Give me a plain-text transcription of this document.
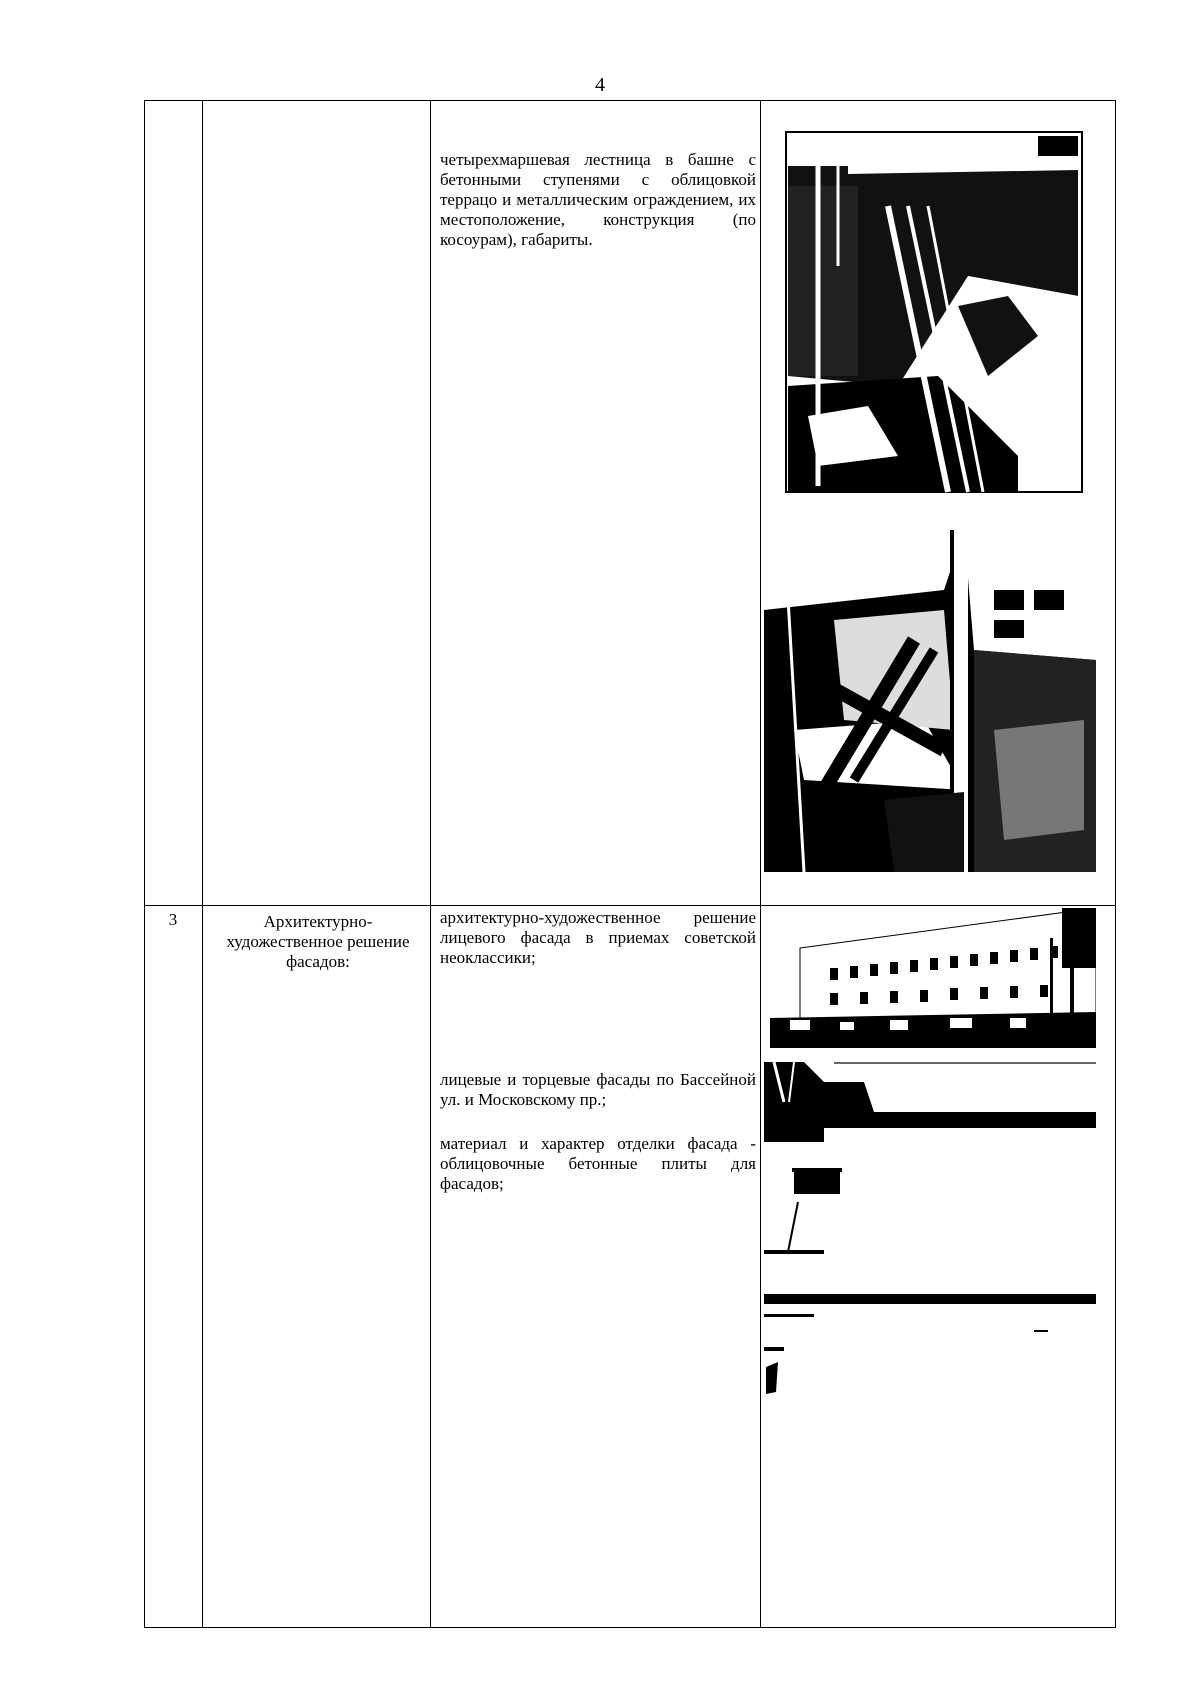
4
четырехмаршевая лестница в башне с бетонными ступенями с облицовкой террацо и металлическим ограждением, их местоположение, конструкция (по косоурам), габариты.
3	Архитектурно-художественное решение фасадов:
архитектурно-художественное решение лицевого фасада в приемах советской неоклассики;
лицевые и торцевые фасады по Бассейной ул. и Московскому пр.;
материал и характер отделки фасада - облицовочные бетонные плиты для фасадов;
